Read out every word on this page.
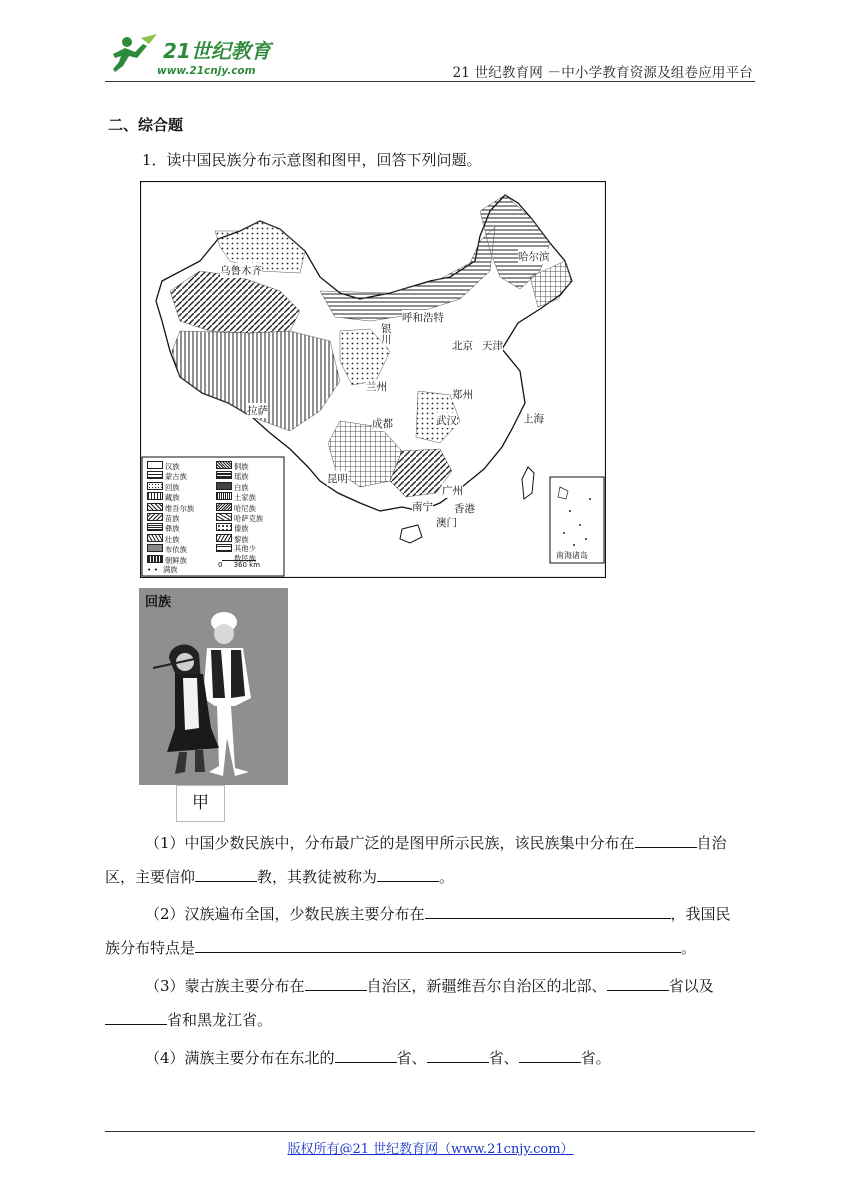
21世纪教育
www.21cnjy.com	21 世纪教育网 －中小学教育资源及组卷应用平台
二、综合题
1．读中国民族分布示意图和图甲，回答下列问题。
乌鲁木齐
哈尔滨
呼和浩特
银川	北京 天津
兰州
拉萨
郑州
成都	武汉	上海
昆明
广州
南宁 香港
澳门
南海诸岛
汉族
蒙古族
回族
藏族
维吾尔族
苗族
彝族
壮族
布依族
朝鲜族
• • 满族
侗族
瑶族
白族
土家族
哈尼族
哈萨克族
傣族
黎族
其他少数民族
0     360 km
回族
甲
（1）中国少数民族中，分布最广泛的是图甲所示民族，该民族集中分布在	自治
区，主要信仰	教，其教徒被称为	。
（2）汉族遍布全国，少数民族主要分布在	，我国民
族分布特点是	。
（3）蒙古族主要分布在	自治区，新疆维吾尔自治区的北部、	省以及
省和黑龙江省。
（4）满族主要分布在东北的	省、	省、	省。
版权所有@21 世纪教育网（www.21cnjy.com）
